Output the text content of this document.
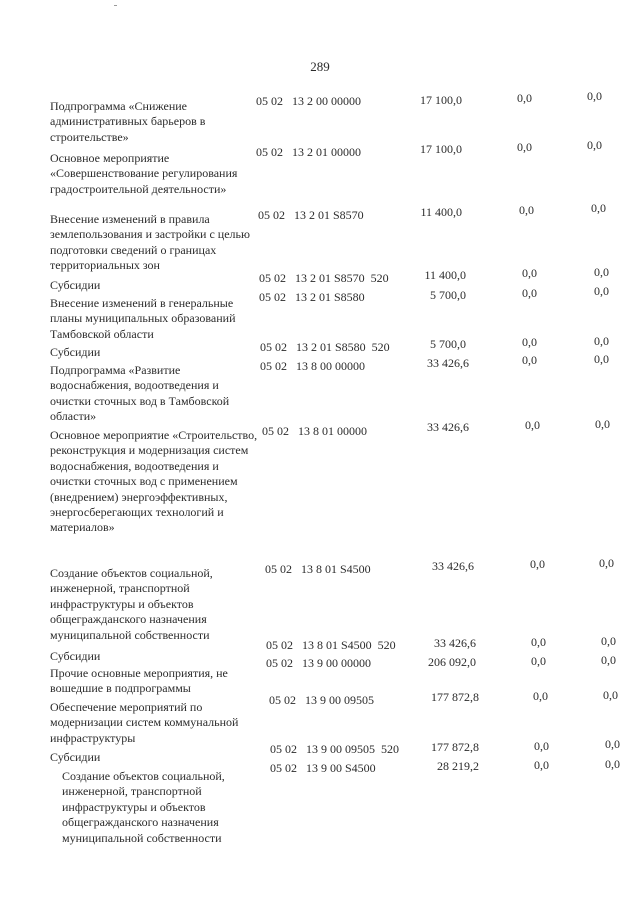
289
Подпрограмма «Снижение административных барьеров в строительстве»
05 02   13 2 00 00000	17 100,0	0,0	0,0
Основное мероприятие «Совершенствование регулирования градостроительной деятельности»
05 02   13 2 01 00000	17 100,0	0,0	0,0
Внесение изменений в правила землепользования и застройки с целью подготовки сведений о границах территориальных зон
05 02   13 2 01 S8570	11 400,0	0,0	0,0
Субсидии	05 02   13 2 01 S8570  520	11 400,0	0,0	0,0
Внесение изменений в генеральные планы муниципальных образований Тамбовской области
05 02   13 2 01 S8580	5 700,0	0,0	0,0
Субсидии	05 02   13 2 01 S8580  520	5 700,0	0,0	0,0
Подпрограмма «Развитие водоснабжения, водоотведения и очистки сточных вод в Тамбовской области»
05 02   13 8 00 00000	33 426,6	0,0	0,0
Основное мероприятие «Строительство, реконструкция и модернизация систем водоснабжения, водоотведения и очистки сточных вод с применением (внедрением) энергоэффективных, энергосберегающих технологий и материалов»
05 02   13 8 01 00000	33 426,6	0,0	0,0
Создание объектов социальной, инженерной, транспортной инфраструктуры и объектов общегражданского назначения муниципальной собственности
05 02   13 8 01 S4500	33 426,6	0,0	0,0
Субсидии
05 02   13 8 01 S4500  520	33 426,6	0,0	0,0
Прочие основные мероприятия, не вошедшие в подпрограммы
05 02   13 9 00 00000	206 092,0	0,0	0,0
Обеспечение мероприятий по модернизации систем коммунальной инфраструктуры
05 02   13 9 00 09505	177 872,8	0,0	0,0
Субсидии
05 02   13 9 00 09505  520	177 872,8	0,0	0,0
Создание объектов социальной, инженерной, транспортной инфраструктуры и объектов общегражданского назначения муниципальной собственности
05 02   13 9 00 S4500	28 219,2	0,0	0,0
